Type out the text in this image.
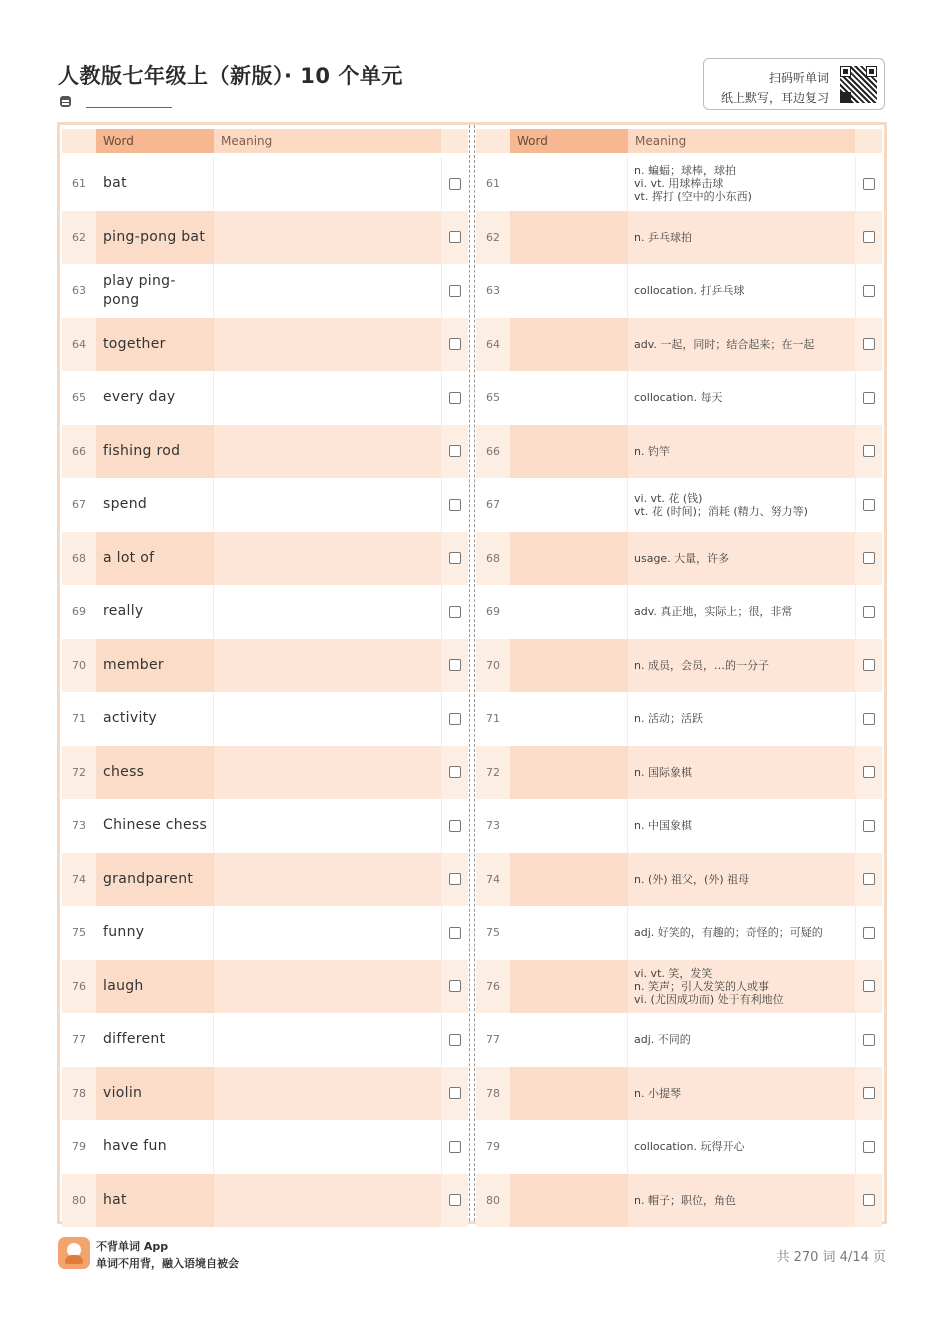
人教版七年级上（新版）· 10 个单元	扫码听单词
纸上默写，耳边复习
Word	Meaning
61	bat
62	ping-pong bat
63
play ping-pong
64	together
65	every day
66	fishing rod
67	spend
68	a lot of
69	really
70	member
71	activity
72	chess
73	Chinese chess
74	grandparent
75	funny
76	laugh
77	different
78	violin
79	have fun
80	hat
Word	Meaning
61
n. 蝙蝠；球棒，球拍
vi. vt. 用球棒击球
vt. 挥打 (空中的小东西)
62	n. 乒乓球拍
63	collocation. 打乒乓球
64	adv. 一起，同时；结合起来；在一起
65	collocation. 每天
66	n. 钓竿
67	vi. vt. 花 (钱)
vt. 花 (时间)；消耗 (精力、努力等)
68	usage. 大量，许多
69	adv. 真正地，实际上；很，非常
70	n. 成员，会员，…的一分子
71	n. 活动；活跃
72	n. 国际象棋
73	n. 中国象棋
74	n. (外) 祖父，(外) 祖母
75	adj. 好笑的，有趣的；奇怪的；可疑的
76
vi. vt. 笑，发笑
n. 笑声；引人发笑的人或事
vi. (尤因成功而) 处于有利地位
77	adj. 不同的
78	n. 小提琴
79	collocation. 玩得开心
80	n. 帽子；职位，角色
不背单词 App
单词不用背，融入语境自被会	共 270 词 4/14 页
